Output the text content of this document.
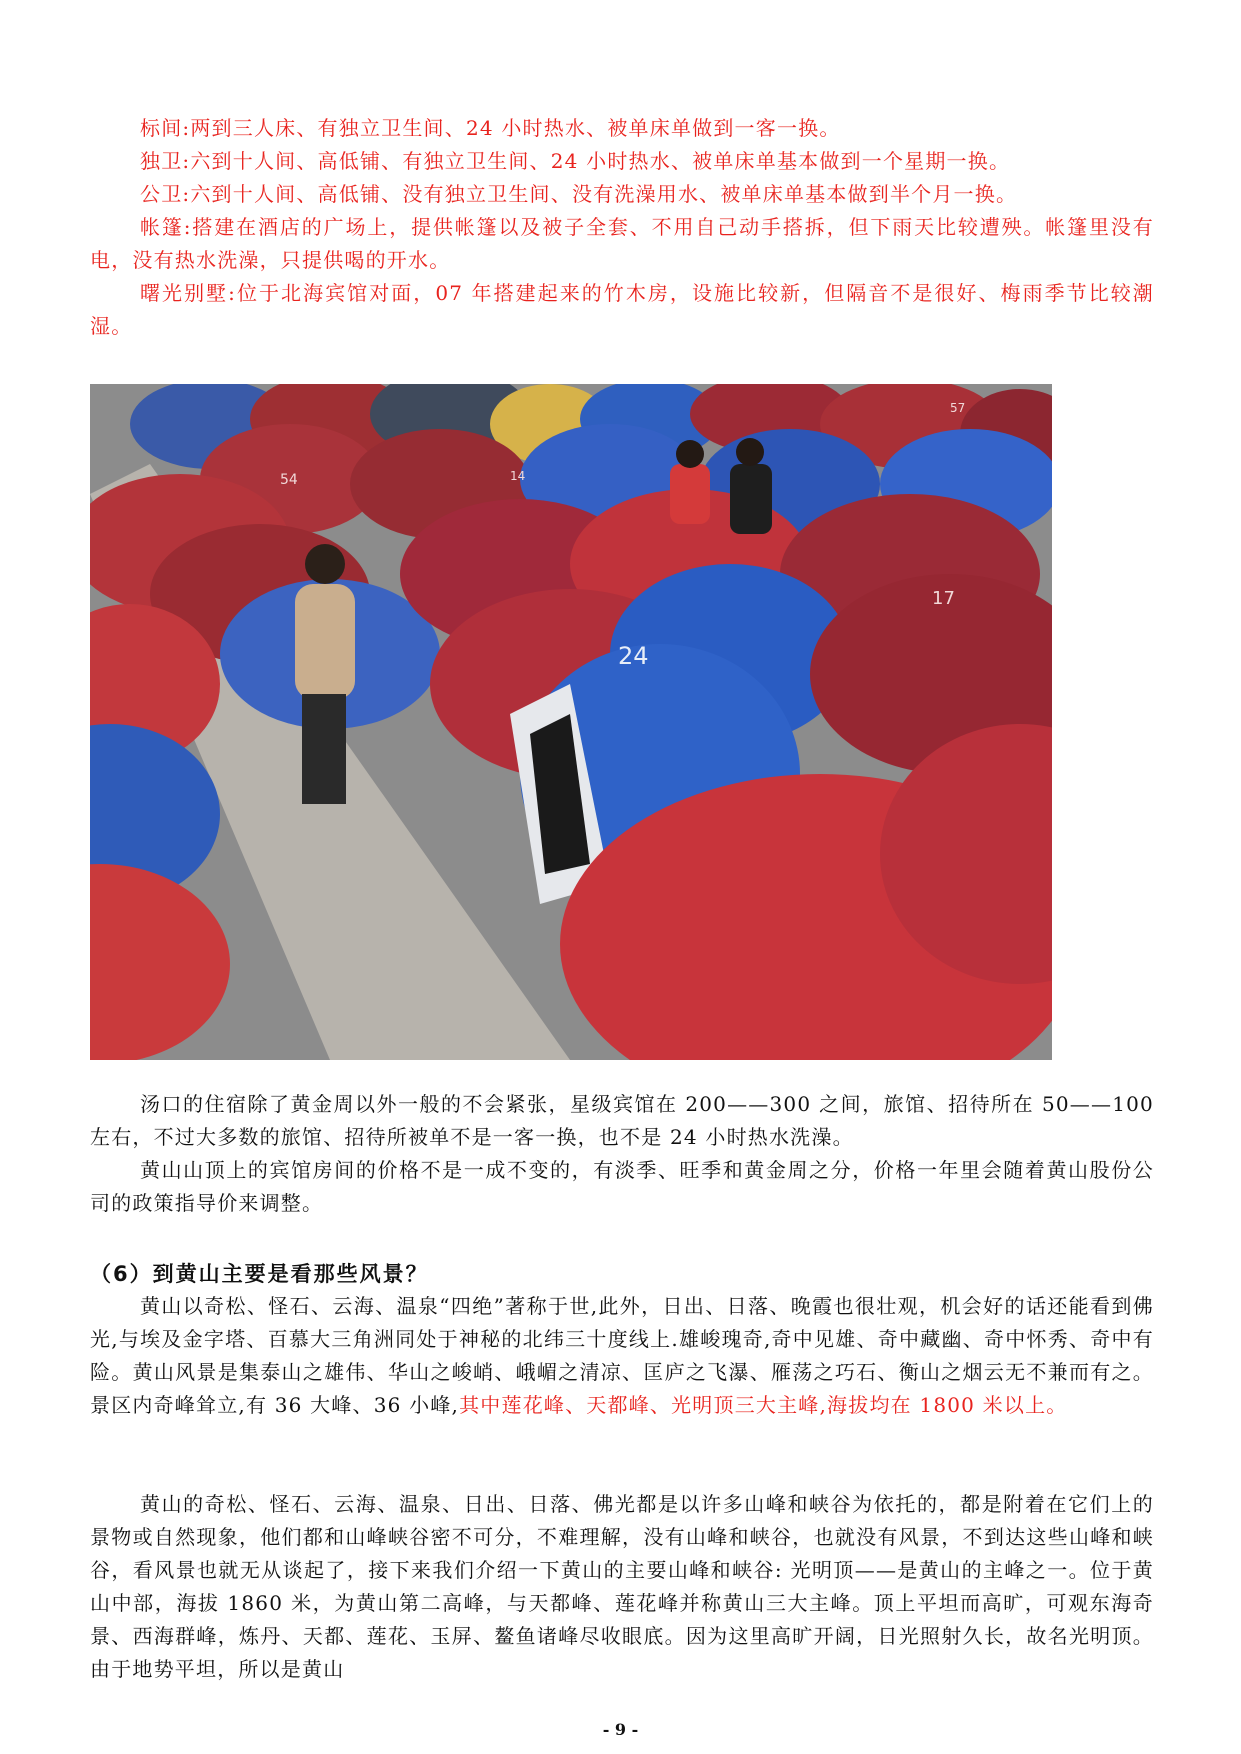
标间:两到三人床、有独立卫生间、24 小时热水、被单床单做到一客一换。

独卫:六到十人间、高低铺、有独立卫生间、24 小时热水、被单床单基本做到一个星期一换。

公卫:六到十人间、高低铺、没有独立卫生间、没有洗澡用水、被单床单基本做到半个月一换。

帐篷:搭建在酒店的广场上，提供帐篷以及被子全套、不用自己动手搭拆，但下雨天比较遭殃。帐篷里没有电，没有热水洗澡，只提供喝的开水。

曙光别墅:位于北海宾馆对面，07 年搭建起来的竹木房，设施比较新，但隔音不是很好、梅雨季节比较潮湿。

24
17
54	14
57

汤口的住宿除了黄金周以外一般的不会紧张，星级宾馆在 200——300 之间，旅馆、招待所在 50——100 左右，不过大多数的旅馆、招待所被单不是一客一换，也不是 24 小时热水洗澡。

黄山山顶上的宾馆房间的价格不是一成不变的，有淡季、旺季和黄金周之分，价格一年里会随着黄山股份公司的政策指导价来调整。

（6）到黄山主要是看那些风景？

黄山以奇松、怪石、云海、温泉“四绝”著称于世,此外，日出、日落、晚霞也很壮观，机会好的话还能看到佛光,与埃及金字塔、百慕大三角洲同处于神秘的北纬三十度线上.雄峻瑰奇,奇中见雄、奇中藏幽、奇中怀秀、奇中有险。黄山风景是集泰山之雄伟、华山之峻峭、峨嵋之清凉、匡庐之飞瀑、雁荡之巧石、衡山之烟云无不兼而有之。景区内奇峰耸立,有 36 大峰、36 小峰,其中莲花峰、天都峰、光明顶三大主峰,海拔均在 1800 米以上。

黄山的奇松、怪石、云海、温泉、日出、日落、佛光都是以许多山峰和峡谷为依托的，都是附着在它们上的景物或自然现象，他们都和山峰峡谷密不可分，不难理解，没有山峰和峡谷，也就没有风景，不到达这些山峰和峡谷，看风景也就无从谈起了，接下来我们介绍一下黄山的主要山峰和峡谷: 光明顶——是黄山的主峰之一。位于黄山中部，海拔 1860 米，为黄山第二高峰，与天都峰、莲花峰并称黄山三大主峰。顶上平坦而高旷，可观东海奇景、西海群峰，炼丹、天都、莲花、玉屏、鳌鱼诸峰尽收眼底。因为这里高旷开阔，日光照射久长，故名光明顶。由于地势平坦，所以是黄山

- 9 -
